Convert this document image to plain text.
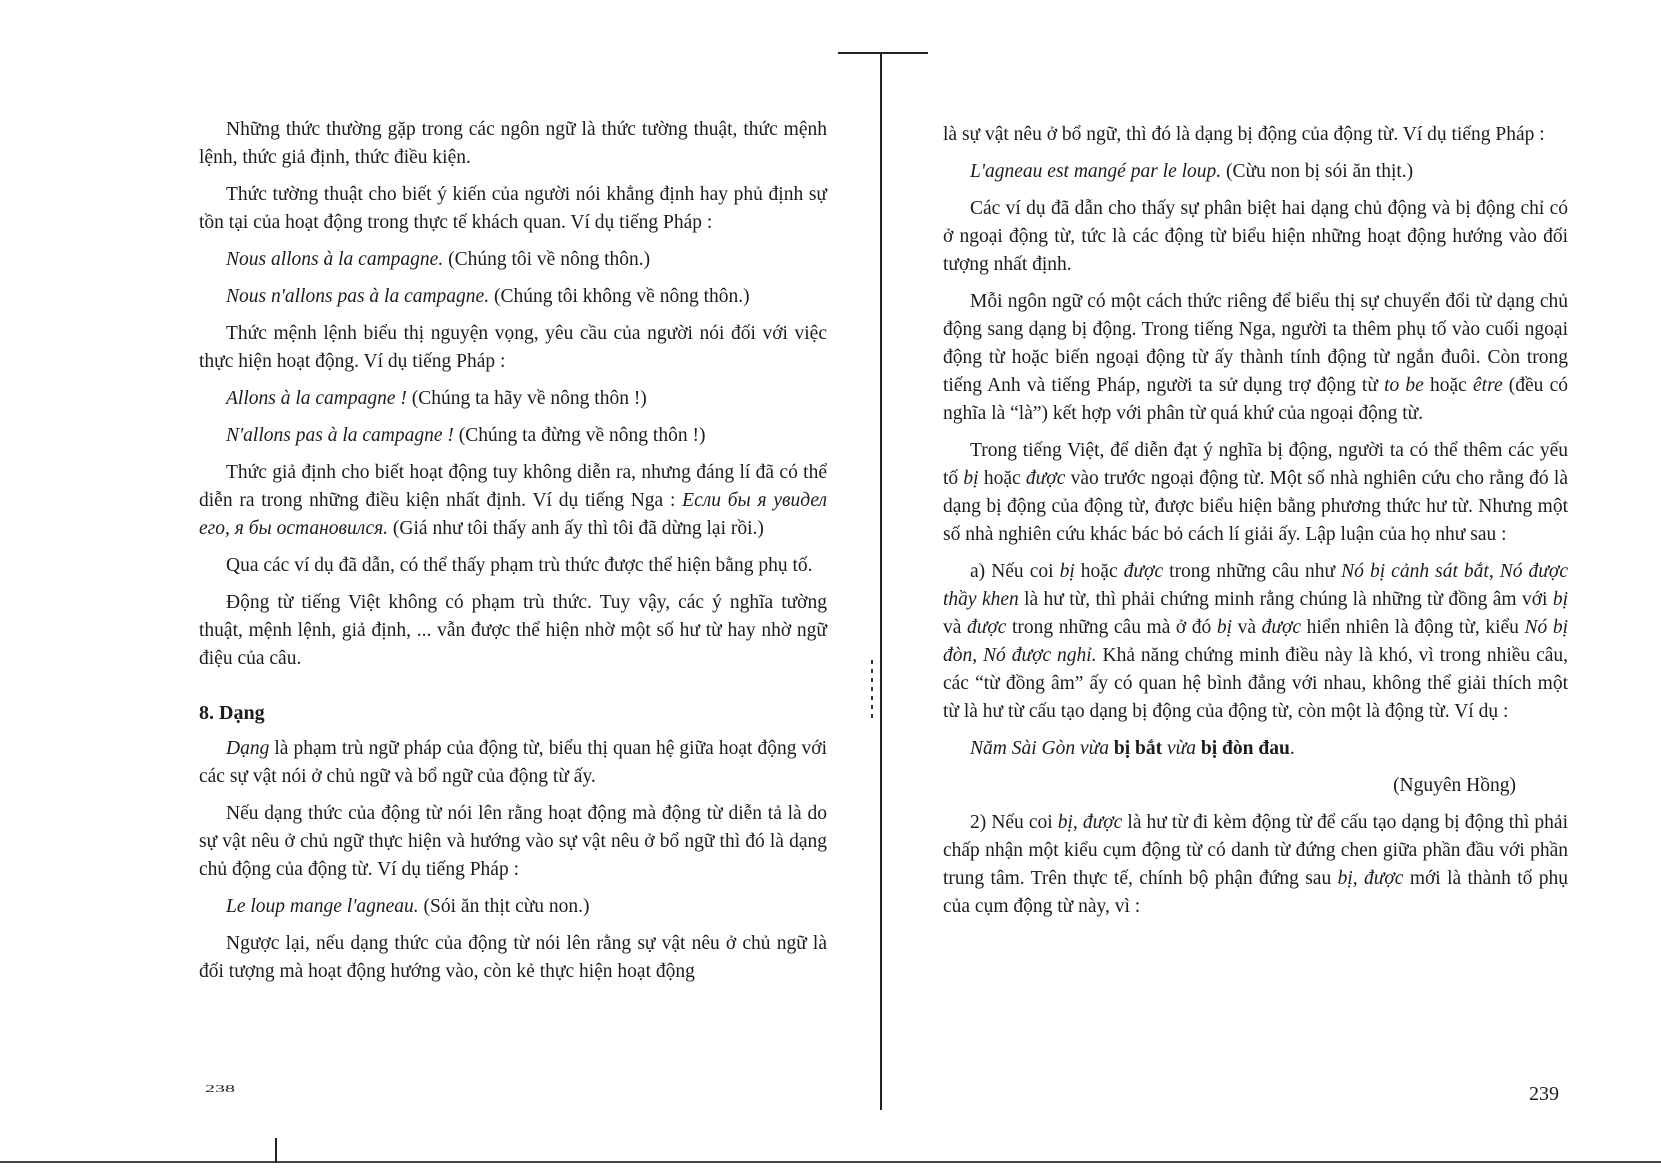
Những thức thường gặp trong các ngôn ngữ là thức tường thuật, thức mệnh lệnh, thức giả định, thức điều kiện.

Thức tường thuật cho biết ý kiến của người nói khẳng định hay phủ định sự tồn tại của hoạt động trong thực tế khách quan. Ví dụ tiếng Pháp :

Nous allons à la campagne. (Chúng tôi về nông thôn.)

Nous n'allons pas à la campagne. (Chúng tôi không về nông thôn.)

Thức mệnh lệnh biểu thị nguyện vọng, yêu cầu của người nói đối với việc thực hiện hoạt động. Ví dụ tiếng Pháp :

Allons à la campagne ! (Chúng ta hãy về nông thôn !)

N'allons pas à la campagne ! (Chúng ta đừng về nông thôn !)

Thức giả định cho biết hoạt động tuy không diễn ra, nhưng đáng lí đã có thể diễn ra trong những điều kiện nhất định. Ví dụ tiếng Nga : Если бы я увидел его, я бы остановился. (Giá như tôi thấy anh ấy thì tôi đã dừng lại rồi.)

Qua các ví dụ đã dẫn, có thể thấy phạm trù thức được thể hiện bằng phụ tố.

Động từ tiếng Việt không có phạm trù thức. Tuy vậy, các ý nghĩa tường thuật, mệnh lệnh, giả định, ... vẫn được thể hiện nhờ một số hư từ hay nhờ ngữ điệu của câu.

8. Dạng

Dạng là phạm trù ngữ pháp của động từ, biểu thị quan hệ giữa hoạt động với các sự vật nói ở chủ ngữ và bổ ngữ của động từ ấy.

Nếu dạng thức của động từ nói lên rằng hoạt động mà động từ diễn tả là do sự vật nêu ở chủ ngữ thực hiện và hướng vào sự vật nêu ở bổ ngữ thì đó là dạng chủ động của động từ. Ví dụ tiếng Pháp :

Le loup mange l'agneau. (Sói ăn thịt cừu non.)

Ngược lại, nếu dạng thức của động từ nói lên rằng sự vật nêu ở chủ ngữ là đối tượng mà hoạt động hướng vào, còn kẻ thực hiện hoạt động

238

là sự vật nêu ở bổ ngữ, thì đó là dạng bị động của động từ. Ví dụ tiếng Pháp :

L'agneau est mangé par le loup. (Cừu non bị sói ăn thịt.)

Các ví dụ đã dẫn cho thấy sự phân biệt hai dạng chủ động và bị động chỉ có ở ngoại động từ, tức là các động từ biểu hiện những hoạt động hướng vào đối tượng nhất định.

Mỗi ngôn ngữ có một cách thức riêng để biểu thị sự chuyển đổi từ dạng chủ động sang dạng bị động. Trong tiếng Nga, người ta thêm phụ tố vào cuối ngoại động từ hoặc biến ngoại động từ ấy thành tính động từ ngắn đuôi. Còn trong tiếng Anh và tiếng Pháp, người ta sử dụng trợ động từ to be hoặc être (đều có nghĩa là “là”) kết hợp với phân từ quá khứ của ngoại động từ.

Trong tiếng Việt, để diễn đạt ý nghĩa bị động, người ta có thể thêm các yếu tố bị hoặc được vào trước ngoại động từ. Một số nhà nghiên cứu cho rằng đó là dạng bị động của động từ, được biểu hiện bằng phương thức hư từ. Nhưng một số nhà nghiên cứu khác bác bỏ cách lí giải ấy. Lập luận của họ như sau :

a) Nếu coi bị hoặc được trong những câu như Nó bị cảnh sát bắt, Nó được thầy khen là hư từ, thì phải chứng minh rằng chúng là những từ đồng âm với bị và được trong những câu mà ở đó bị và được hiển nhiên là động từ, kiểu Nó bị đòn, Nó được nghỉ. Khả năng chứng minh điều này là khó, vì trong nhiều câu, các “từ đồng âm” ấy có quan hệ bình đẳng với nhau, không thể giải thích một từ là hư từ cấu tạo dạng bị động của động từ, còn một là động từ. Ví dụ :

Năm Sài Gòn vừa bị bắt vừa bị đòn đau.

(Nguyên Hồng)

2) Nếu coi bị, được là hư từ đi kèm động từ để cấu tạo dạng bị động thì phải chấp nhận một kiểu cụm động từ có danh từ đứng chen giữa phần đầu với phần trung tâm. Trên thực tế, chính bộ phận đứng sau bị, được mới là thành tố phụ của cụm động từ này, vì :

239
